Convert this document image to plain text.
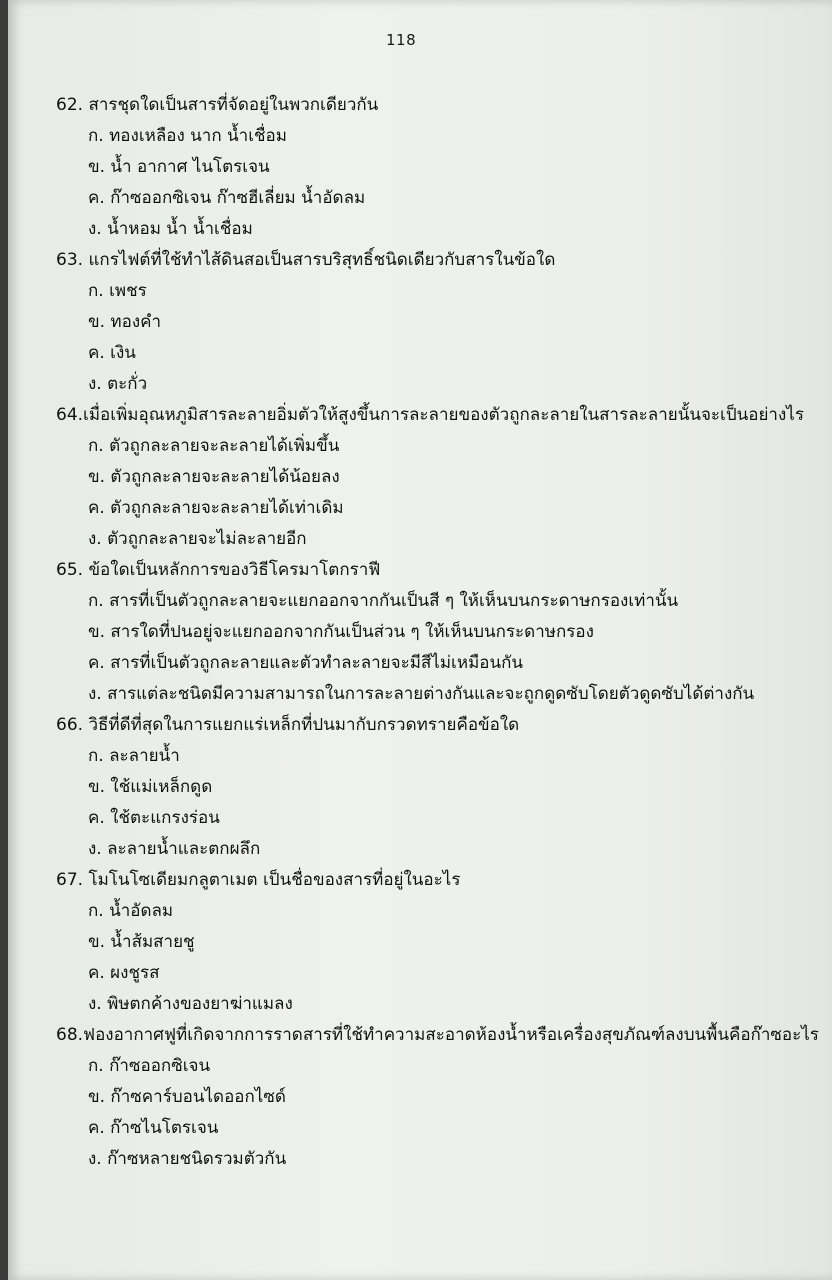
118
62. สารชุดใดเป็นสารที่จัดอยู่ในพวกเดียวกัน
ก. ทองเหลือง นาก น้ำเชื่อม
ข. น้ำ อากาศ ไนโตรเจน
ค. ก๊าซออกซิเจน ก๊าซฮีเลี่ยม น้ำอัดลม
ง. น้ำหอม น้ำ น้ำเชื่อม
63. แกรไฟต์ที่ใช้ทำไส้ดินสอเป็นสารบริสุทธิ์ชนิดเดียวกับสารในข้อใด
ก. เพชร
ข. ทองคำ
ค. เงิน
ง. ตะกั่ว
64.เมื่อเพิ่มอุณหภูมิสารละลายอิ่มตัวให้สูงขึ้นการละลายของตัวถูกละลายในสารละลายนั้นจะเป็นอย่างไร
ก. ตัวถูกละลายจะละลายได้เพิ่มขึ้น
ข. ตัวถูกละลายจะละลายได้น้อยลง
ค. ตัวถูกละลายจะละลายได้เท่าเดิม
ง. ตัวถูกละลายจะไม่ละลายอีก
65. ข้อใดเป็นหลักการของวิธีโครมาโตกราฟี
ก. สารที่เป็นตัวถูกละลายจะแยกออกจากกันเป็นสี ๆ ให้เห็นบนกระดาษกรองเท่านั้น
ข. สารใดที่ปนอยู่จะแยกออกจากกันเป็นส่วน ๆ ให้เห็นบนกระดาษกรอง
ค. สารที่เป็นตัวถูกละลายและตัวทำละลายจะมีสีไม่เหมือนกัน
ง. สารแต่ละชนิดมีความสามารถในการละลายต่างกันและจะถูกดูดซับโดยตัวดูดซับได้ต่างกัน
66. วิธีที่ดีที่สุดในการแยกแร่เหล็กที่ปนมากับกรวดทรายคือข้อใด
ก. ละลายน้ำ
ข. ใช้แม่เหล็กดูด
ค. ใช้ตะแกรงร่อน
ง. ละลายน้ำและตกผลึก
67. โมโนโซเดียมกลูตาเมต เป็นชื่อของสารที่อยู่ในอะไร
ก. น้ำอัดลม
ข. น้ำส้มสายชู
ค. ผงชูรส
ง. พิษตกค้างของยาฆ่าแมลง
68.ฟองอากาศฟูที่เกิดจากการราดสารที่ใช้ทำความสะอาดห้องน้ำหรือเครื่องสุขภัณฑ์ลงบนพื้นคือก๊าซอะไร
ก. ก๊าซออกซิเจน
ข. ก๊าซคาร์บอนไดออกไซด์
ค. ก๊าซไนโตรเจน
ง. ก๊าซหลายชนิดรวมตัวกัน
